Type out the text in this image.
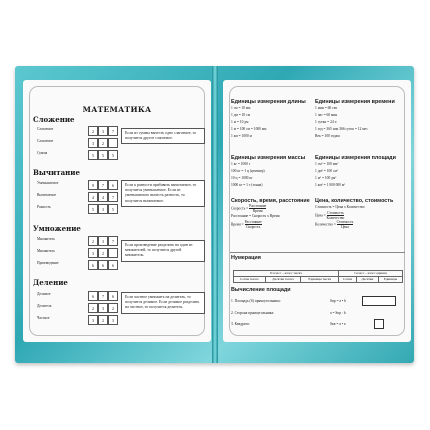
МАТЕМАТИКА
Сложение
Слагаемое	2	3	7
Слагаемое	3	2
Сумма	5	5	5
Если из суммы вычесть одно слагаемое, то получится другое слагаемое.
Вычитание
Уменьшаемое	9	7	6
Вычитаемое	4	4	7
Разность	5	3	5
Если к разности прибавить вычитаемое, то получится уменьшаемое. Если из уменьшаемого вычесть разность, то получится вычитаемое.
Умножение
Множитель	2	3	7
Множитель	3	2
Произведение	6	6	6
Если произведение разделить на один из множителей, то получится другой множитель.
Деление
Делимое	6	7	6
Делитель	2	3	2
Частное	3	2	3
Если частное умножить на делитель, то получится делимое. Если делимое разделить на частное, то получится делитель.
Единицы измерения длины
1 см = 10 мм
1 дм = 10 см
1 м = 10 дм
1 м = 100 см = 1000 мм
1 км = 1000 м
Единицы измерения времени
1 мин = 60 сек
1 час = 60 мин
1 сутки = 24 ч
1 год = 365 или 366 суток = 12 мес
Век = 100 годам
Единицы измерения массы
1 кг = 1000 г
100 кг = 1 ц (центнер)
10 ц = 1000 кг
1000 кг = 1 т (тонна)
Единицы измерения площади
1 см² = 100 мм²
1 дм² = 100 см²
1 м² = 100 дм²
1 км² = 1 000 000 м²
Скорость, время, расстояние
Скорость = $\frac{\text{Расстояние}}{\text{Время}}$
Расстояние = Скорость х Время
Время = $\frac{\text{Расстояние}}{\text{Скорость}}$
Цена, количество, стоимость
Стоимость = Цена х Количество
Цена = $\frac{\text{Стоимость}}{\text{Количество}}$
Количество = $\frac{\text{Стоимость}}{\text{Цена}}$
Нумерация
II класс – класс тысяч			I класс – класс единиц		
Сотни тысяч	Десятки тысяч	Единицы тысяч	Сотни	Десятки	Единицы
Вычисление площади
1. Площадь (S) прямоугольника:	Sпр = a • b
2. Сторона прямоугольника:	a = Sпр : b
3. Квадрата:	Sкв = a • a
